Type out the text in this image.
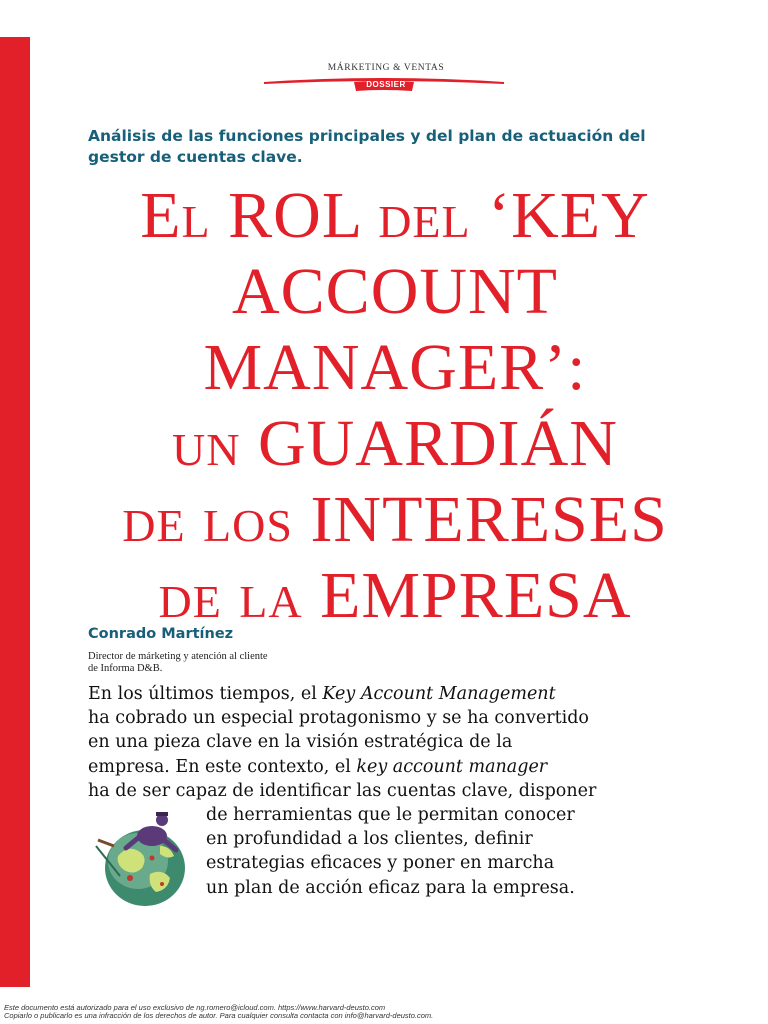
MÁRKETING & VENTAS
DOSSIER
Análisis de las funciones principales y del plan de actuación del gestor de cuentas clave.
El ROL del ‘KEY
ACCOUNT
MANAGER’:
un GUARDIÁN
de los INTERESES
de la EMPRESA
Conrado Martínez
Director de márketing y atención al cliente
de Informa D&B.
En los últimos tiempos, el Key Account Management
ha cobrado un especial protagonismo y se ha convertido
en una pieza clave en la visión estratégica de la
empresa. En este contexto, el key account manager
ha de ser capaz de identificar las cuentas clave, disponer
de herramientas que le permitan conocer
en profundidad a los clientes, definir
estrategias eficaces y poner en marcha
un plan de acción eficaz para la empresa.
Este documento está autorizado para el uso exclusivo de ng.romero@icloud.com. https://www.harvard-deusto.com
Copiarlo o publicarlo es una infracción de los derechos de autor. Para cualquier consulta contacta con info@harvard-deusto.com.
